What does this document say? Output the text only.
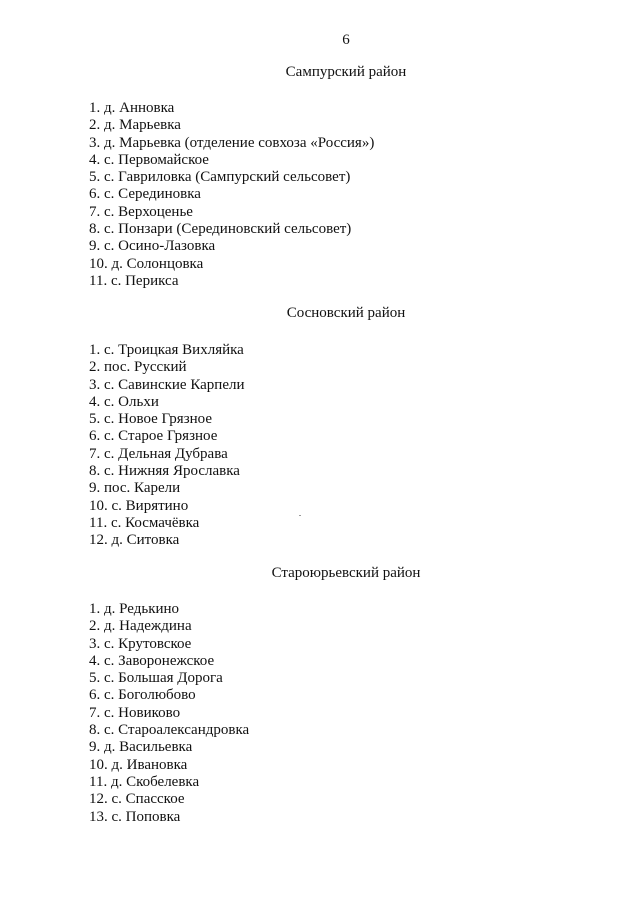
6
Сампурский район
1. д. Анновка
2. д. Марьевка
3. д. Марьевка (отделение совхоза «Россия»)
4. с. Первомайское
5. с. Гавриловка (Сампурский сельсовет)
6. с. Серединовка
7. с. Верхоценье
8. с. Понзари (Серединовский сельсовет)
9. с. Осино-Лазовка
10. д. Солонцовка
11. с. Перикса
Сосновский район
1. с. Троицкая Вихляйка
2. пос. Русский
3. с. Савинские Карпели
4. с. Ольхи
5. с. Новое Грязное
6. с. Старое Грязное
7. с. Дельная Дубрава
8. с. Нижняя Ярославка
9. пос. Карели
10. с. Вирятино
11. с. Космачёвка
12. д. Ситовка
Староюрьевский район
1. д. Редькино
2. д. Надеждина
3. с. Крутовское
4. с. Заворонежское
5. с. Большая Дорога
6. с. Боголюбово
7. с. Новиково
8. с. Староалександровка
9. д. Васильевка
10. д. Ивановка
11. д. Скобелевка
12. с. Спасское
13. с. Поповка
